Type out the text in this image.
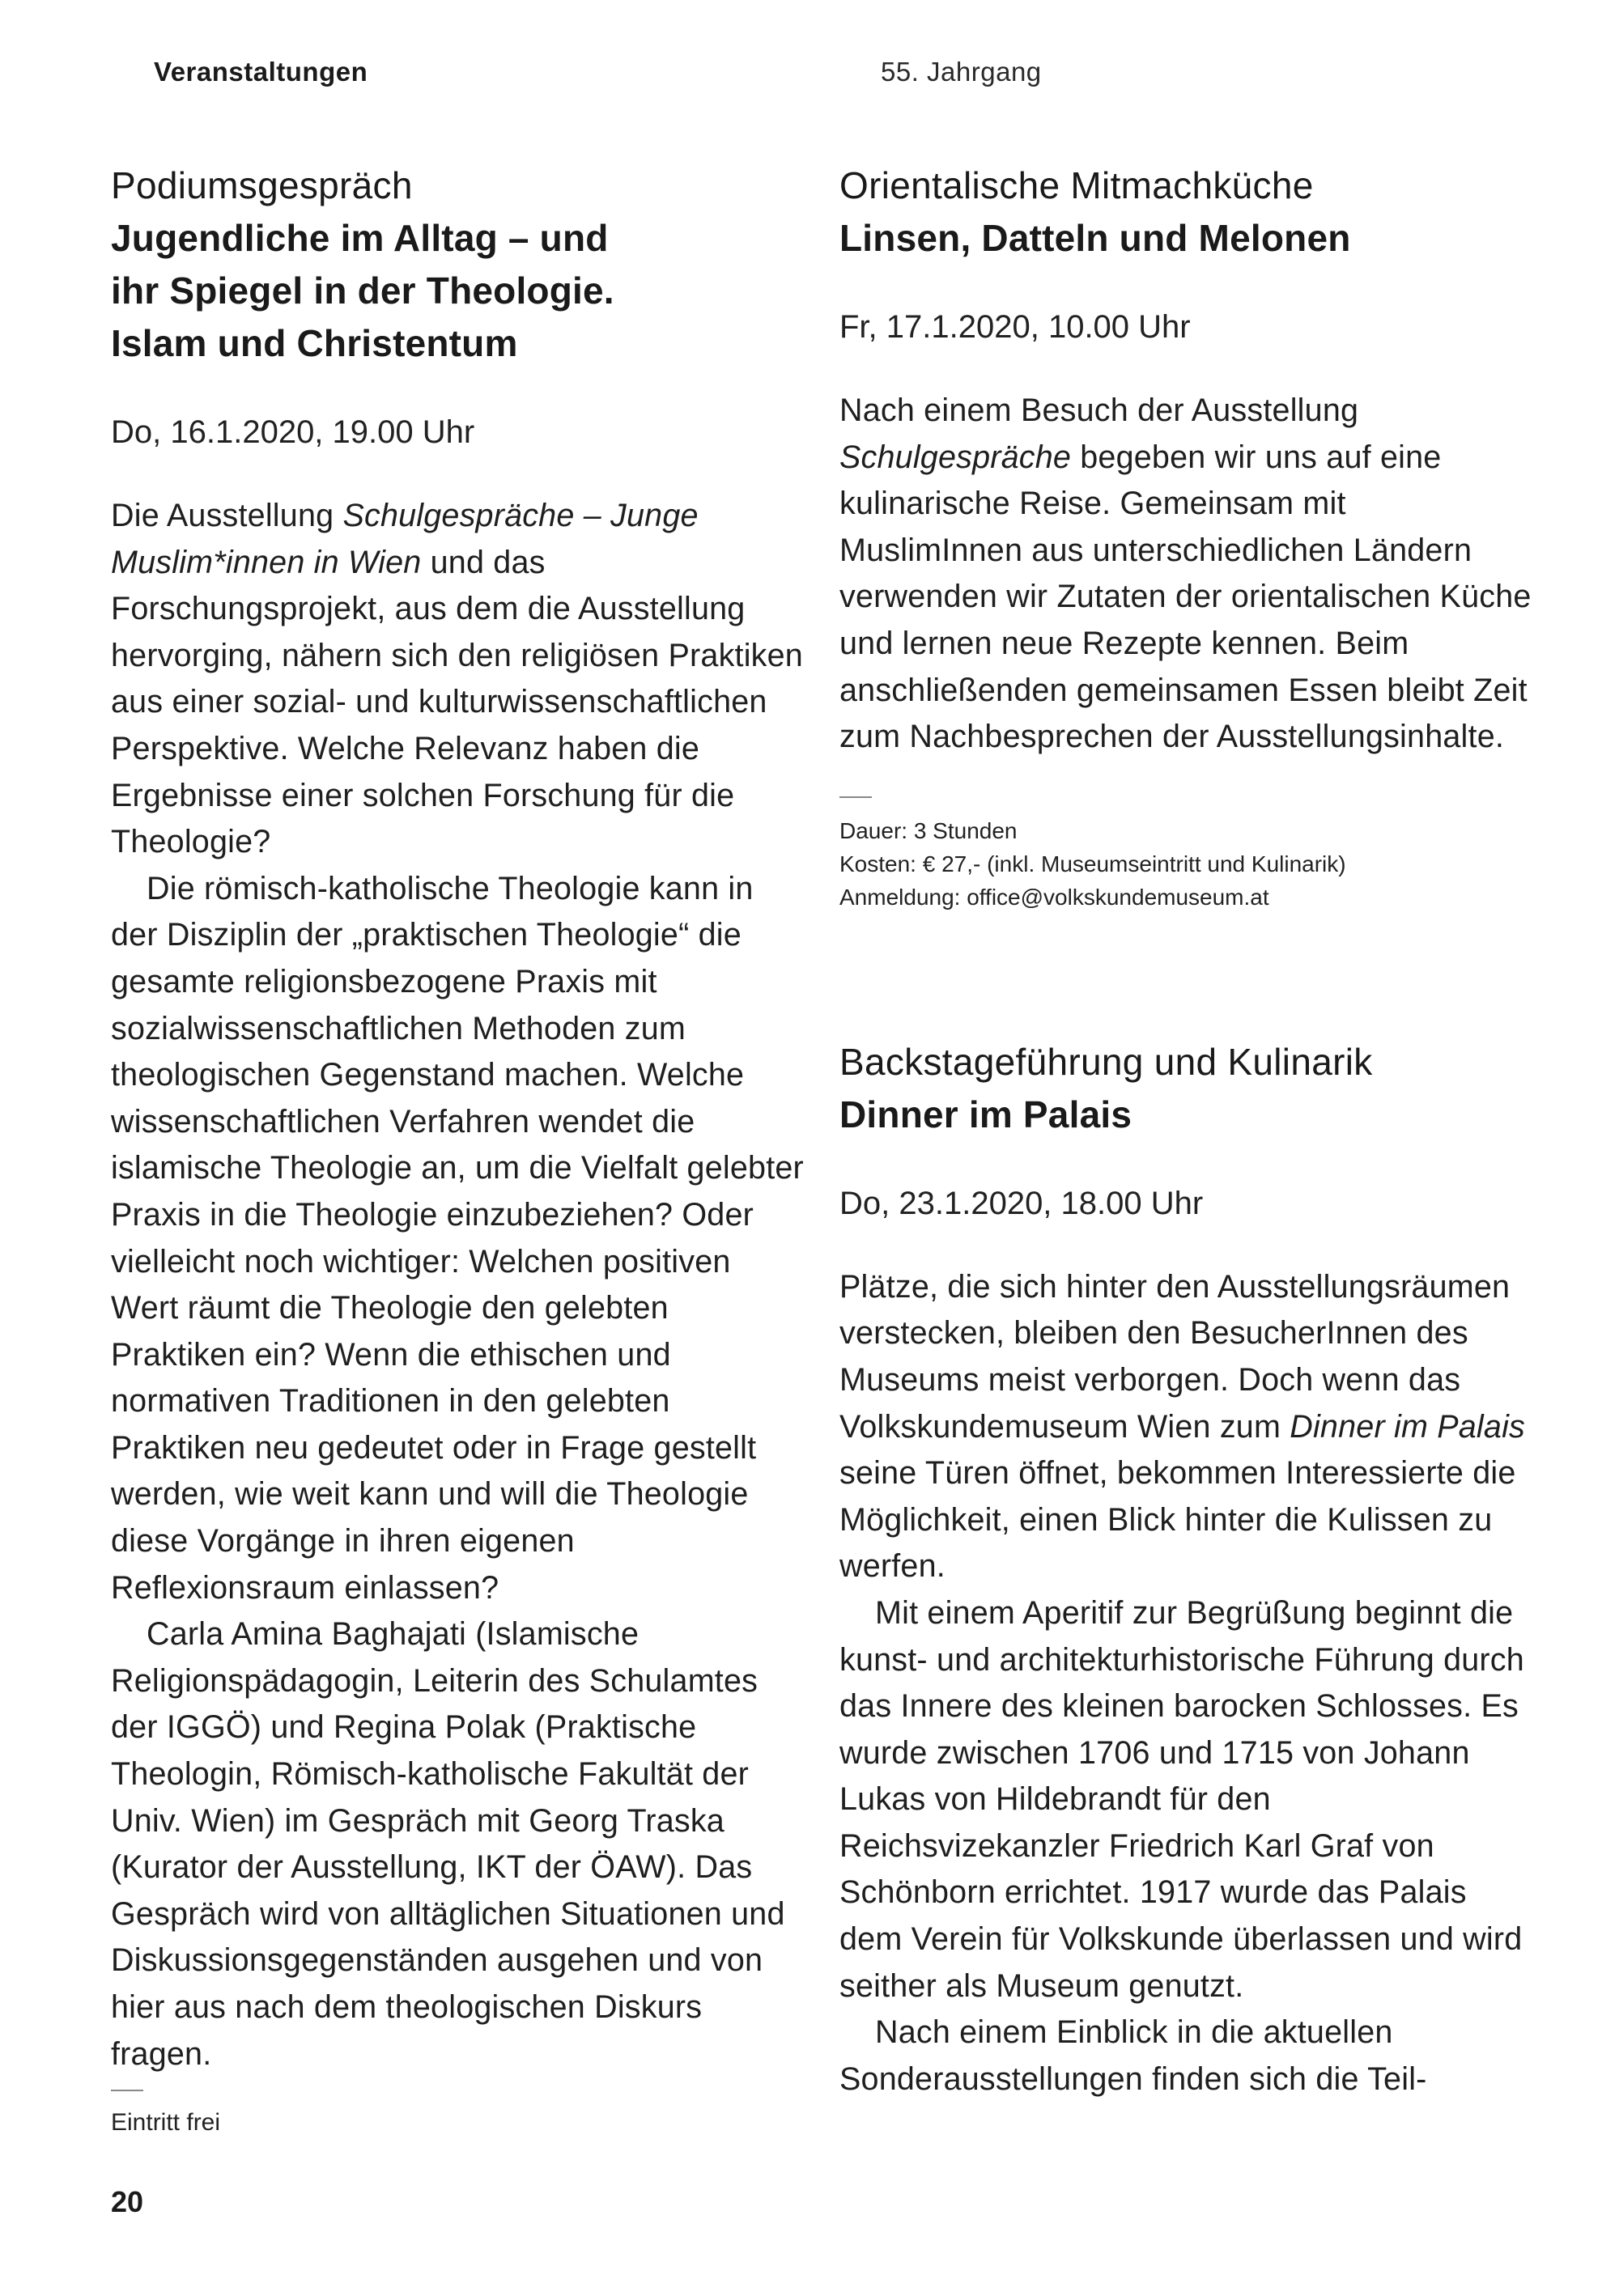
Veranstaltungen	55. Jahrgang
Podiumsgespräch
Jugendliche im Alltag – und
ihr Spiegel in der Theologie.
Islam und Christentum
Do, 16.1.2020, 19.00 Uhr

Die Ausstellung Schulgespräche – Junge Muslim*innen in Wien und das Forschungsprojekt, aus dem die Ausstellung hervorging, nähern sich den religiösen Praktiken aus einer sozial- und kulturwissenschaftlichen Perspektive. Welche Relevanz haben die Ergebnisse einer solchen Forschung für die Theologie?

Die römisch-katholische Theologie kann in der Disziplin der „praktischen Theologie“ die gesamte religionsbezogene Praxis mit sozialwissenschaftlichen Methoden zum theologischen Gegenstand machen. Welche wissenschaftlichen Verfahren wendet die islamische Theologie an, um die Vielfalt gelebter Praxis in die Theologie einzubeziehen? Oder vielleicht noch wichtiger: Welchen positiven Wert räumt die Theologie den gelebten Praktiken ein? Wenn die ethischen und normativen Traditionen in den gelebten Praktiken neu gedeutet oder in Frage gestellt werden, wie weit kann und will die Theologie diese Vorgänge in ihren eigenen Reflexionsraum einlassen?

Carla Amina Baghajati (Islamische Religionspädagogin, Leiterin des Schulamtes der IGGÖ) und Regina Polak (Praktische Theologin, Römisch-katholische Fakultät der Univ. Wien) im Gespräch mit Georg Traska (Kurator der Ausstellung, IKT der ÖAW). Das Gespräch wird von alltäglichen Situationen und Diskussionsgegenständen ausgehen und von hier aus nach dem theologischen Diskurs fragen.

Eintritt frei
Orientalische Mitmachküche
Linsen, Datteln und Melonen
Fr, 17.1.2020, 10.00 Uhr

Nach einem Besuch der Ausstellung Schulgespräche begeben wir uns auf eine kulinarische Reise. Gemeinsam mit MuslimInnen aus unterschiedlichen Ländern verwenden wir Zutaten der orientalischen Küche und lernen neue Rezepte kennen. Beim anschließenden gemeinsamen Essen bleibt Zeit zum Nachbesprechen der Ausstellungsinhalte.

Dauer: 3 Stunden
Kosten: € 27,- (inkl. Museumseintritt und Kulinarik)
Anmeldung: office@volkskundemuseum.at
Backstageführung und Kulinarik
Dinner im Palais
Do, 23.1.2020, 18.00 Uhr

Plätze, die sich hinter den Ausstellungsräumen verstecken, bleiben den BesucherInnen des Museums meist verborgen. Doch wenn das Volkskundemuseum Wien zum Dinner im Palais seine Türen öffnet, bekommen Interessierte die Möglichkeit, einen Blick hinter die Kulissen zu werfen.

Mit einem Aperitif zur Begrüßung beginnt die kunst- und architekturhistorische Führung durch das Innere des kleinen barocken Schlosses. Es wurde zwischen 1706 und 1715 von Johann Lukas von Hildebrandt für den Reichsvizekanzler Friedrich Karl Graf von Schönborn errichtet. 1917 wurde das Palais dem Verein für Volkskunde überlassen und wird seither als Museum genutzt.

Nach einem Einblick in die aktuellen Sonderausstellungen finden sich die Teil-

20
